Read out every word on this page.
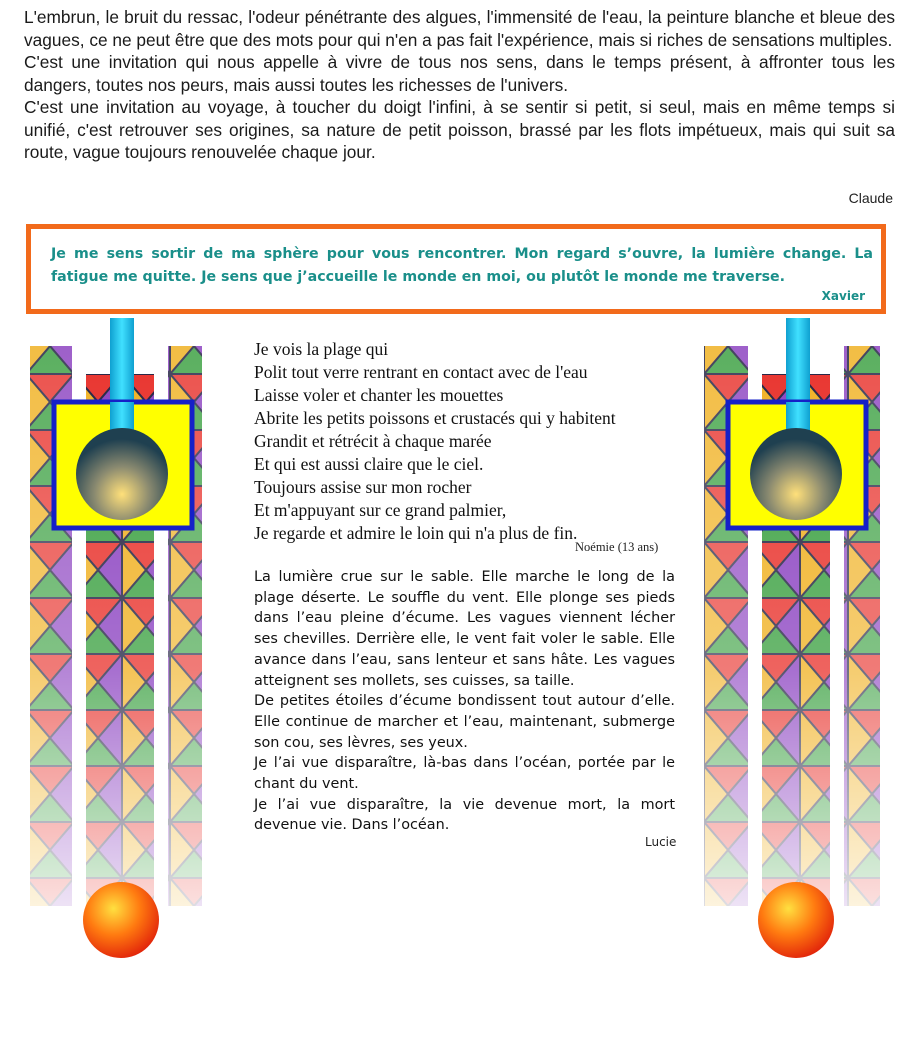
L'embrun, le bruit du ressac, l'odeur pénétrante des algues, l'immensité de l'eau, la peinture blanche et bleue des vagues, ce ne peut être que des mots pour qui n'en a pas fait l'expérience, mais si riches de sensations multiples.

C'est une invitation qui nous appelle à vivre de tous nos sens, dans le temps présent, à affronter tous les dangers, toutes nos peurs, mais aussi toutes les richesses de l'univers.

C'est une invitation au voyage, à toucher du doigt l'infini, à se sentir si petit, si seul, mais en même temps si unifié, c'est retrouver ses origines, sa nature de petit poisson, brassé par les flots impétueux, mais qui suit sa route, vague toujours renouvelée chaque jour.

Claude
Je me sens sortir de ma sphère pour vous rencontrer. Mon regard s’ouvre, la lumière change. La fatigue me quitte. Je sens que j’accueille le monde en moi, ou plutôt le monde me traverse.
Xavier
Je vois la plage qui
Polit tout verre rentrant en contact avec de l'eau
Laisse voler et chanter les mouettes
Abrite les petits poissons et crustacés qui y habitent
Grandit et rétrécit à chaque marée
Et qui est aussi claire que le ciel.
Toujours assise sur mon rocher
Et m'appuyant sur ce grand palmier,
Je regarde et admire le loin qui n'a plus de fin.
Noémie (13 ans)

La lumière crue sur le sable. Elle marche le long de la plage déserte. Le souffle du vent. Elle plonge ses pieds dans l’eau pleine d’écume. Les vagues viennent lécher ses chevilles. Derrière elle, le vent fait voler le sable. Elle avance dans l’eau, sans lenteur et sans hâte. Les vagues atteignent ses mollets, ses cuisses, sa taille.

De petites étoiles d’écume bondissent tout autour d’elle. Elle continue de marcher et l’eau, maintenant, submerge son cou, ses lèvres, ses yeux.

Je l’ai vue disparaître, là-bas dans l’océan, portée par le chant du vent.

Je l’ai vue disparaître, la vie devenue mort, la mort devenue vie. Dans l’océan.

Lucie
